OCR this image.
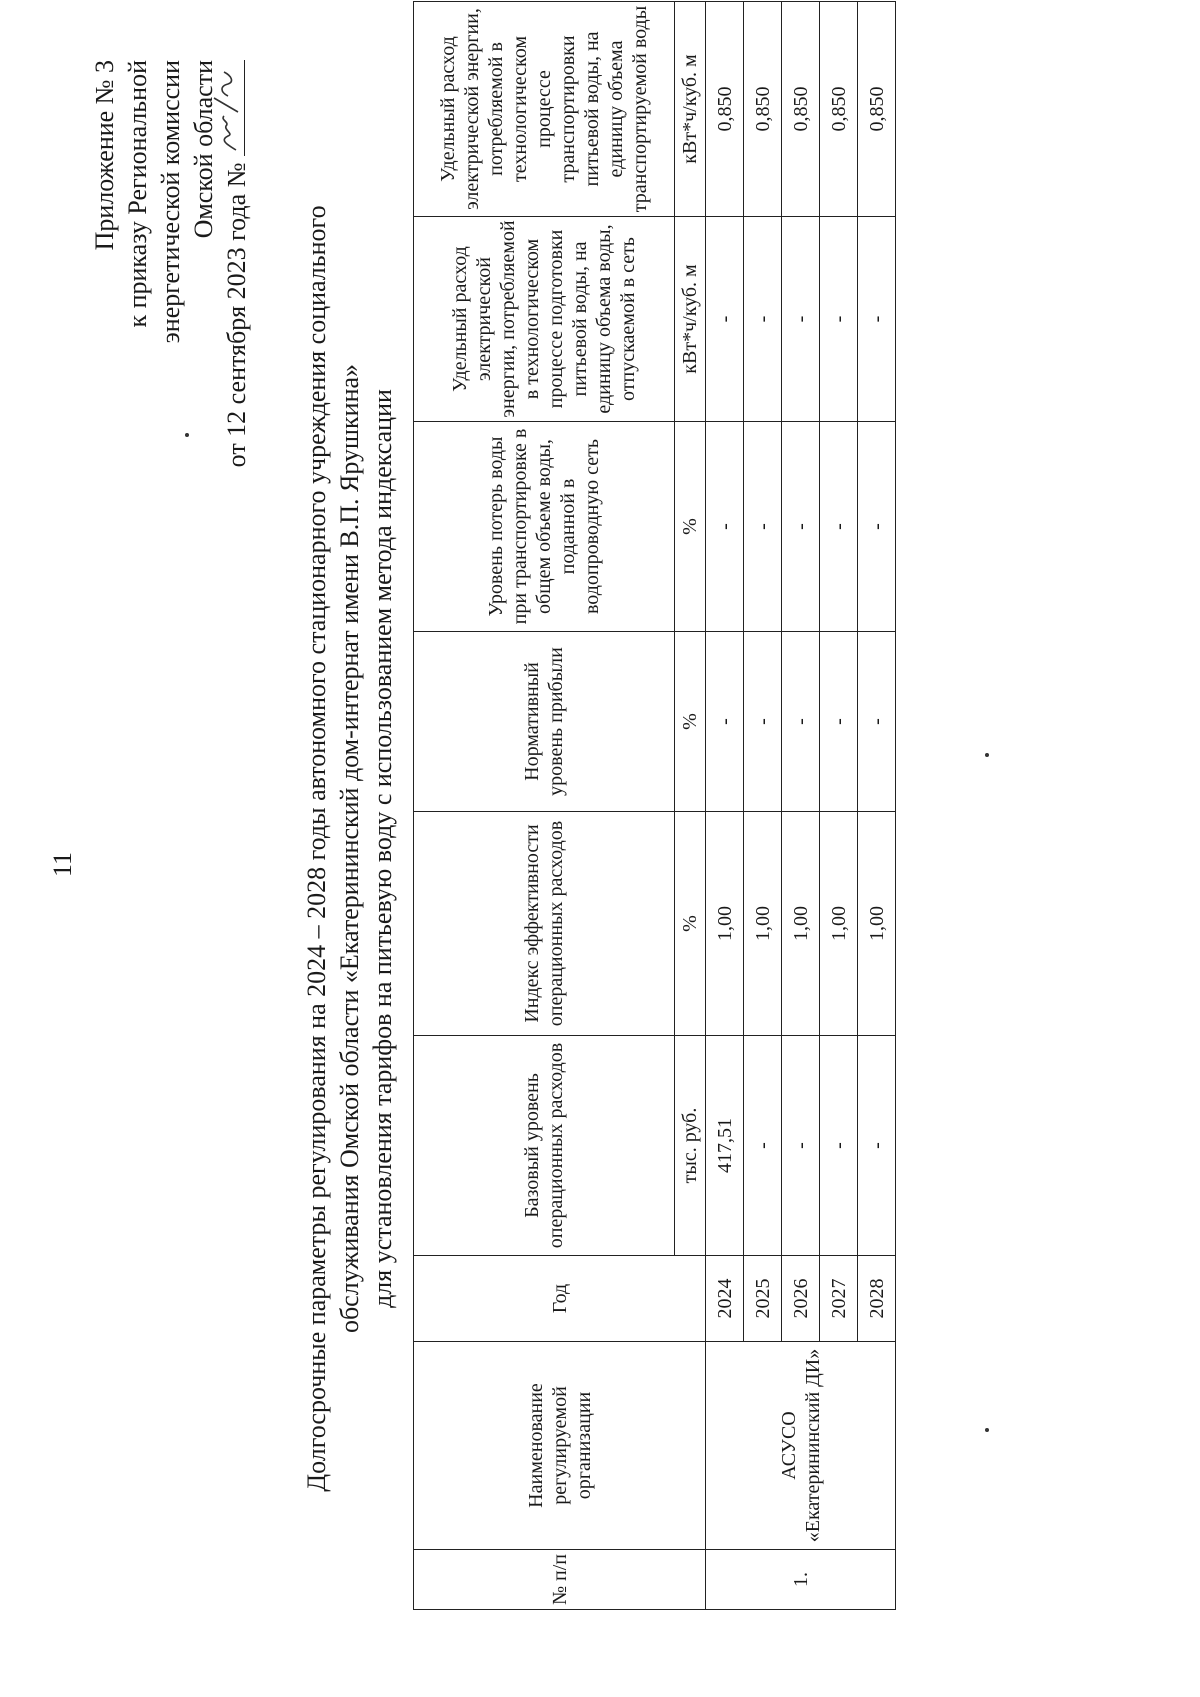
11
Приложение № 3 к приказу Региональной энергетической комиссии Омской области
от 12 сентября 2023 года № Долгосрочные параметры регулирования на 2024 – 2028 годы автономного стационарного учреждения социального обслуживания Омской области «Екатерининский дом-интернат имени В.П. Ярушкина» для установления тарифов на питьевую воду с использованием метода индексации
№ п/п	Наименование регулируемой организации	Год	Базовый уровень операционных расходов	Индекс эффективности операционных расходов	Нормативный уровень прибыли	Уровень потерь воды при транспортировке в общем объеме воды, поданной в водопроводную сеть	Удельный расход электрической энергии, потребляемой в технологическом процессе подготовки питьевой воды, на единицу объема воды, отпускаемой в сеть	Удельный расход электрической энергии, потребляемой в технологическом процессе транспортировки питьевой воды, на единицу объема транспортируемой воды
			тыс. руб.	%	%	%	кВт*ч/куб. м	кВт*ч/куб. м
1.	АСУСО «Екатерининский ДИ»	2024	417,51	1,00	-	-	-	0,850
		2025	-	1,00	-	-	-	0,850
		2026	-	1,00	-	-	-	0,850
		2027	-	1,00	-	-	-	0,850
		2028	-	1,00	-	-	-	0,850
